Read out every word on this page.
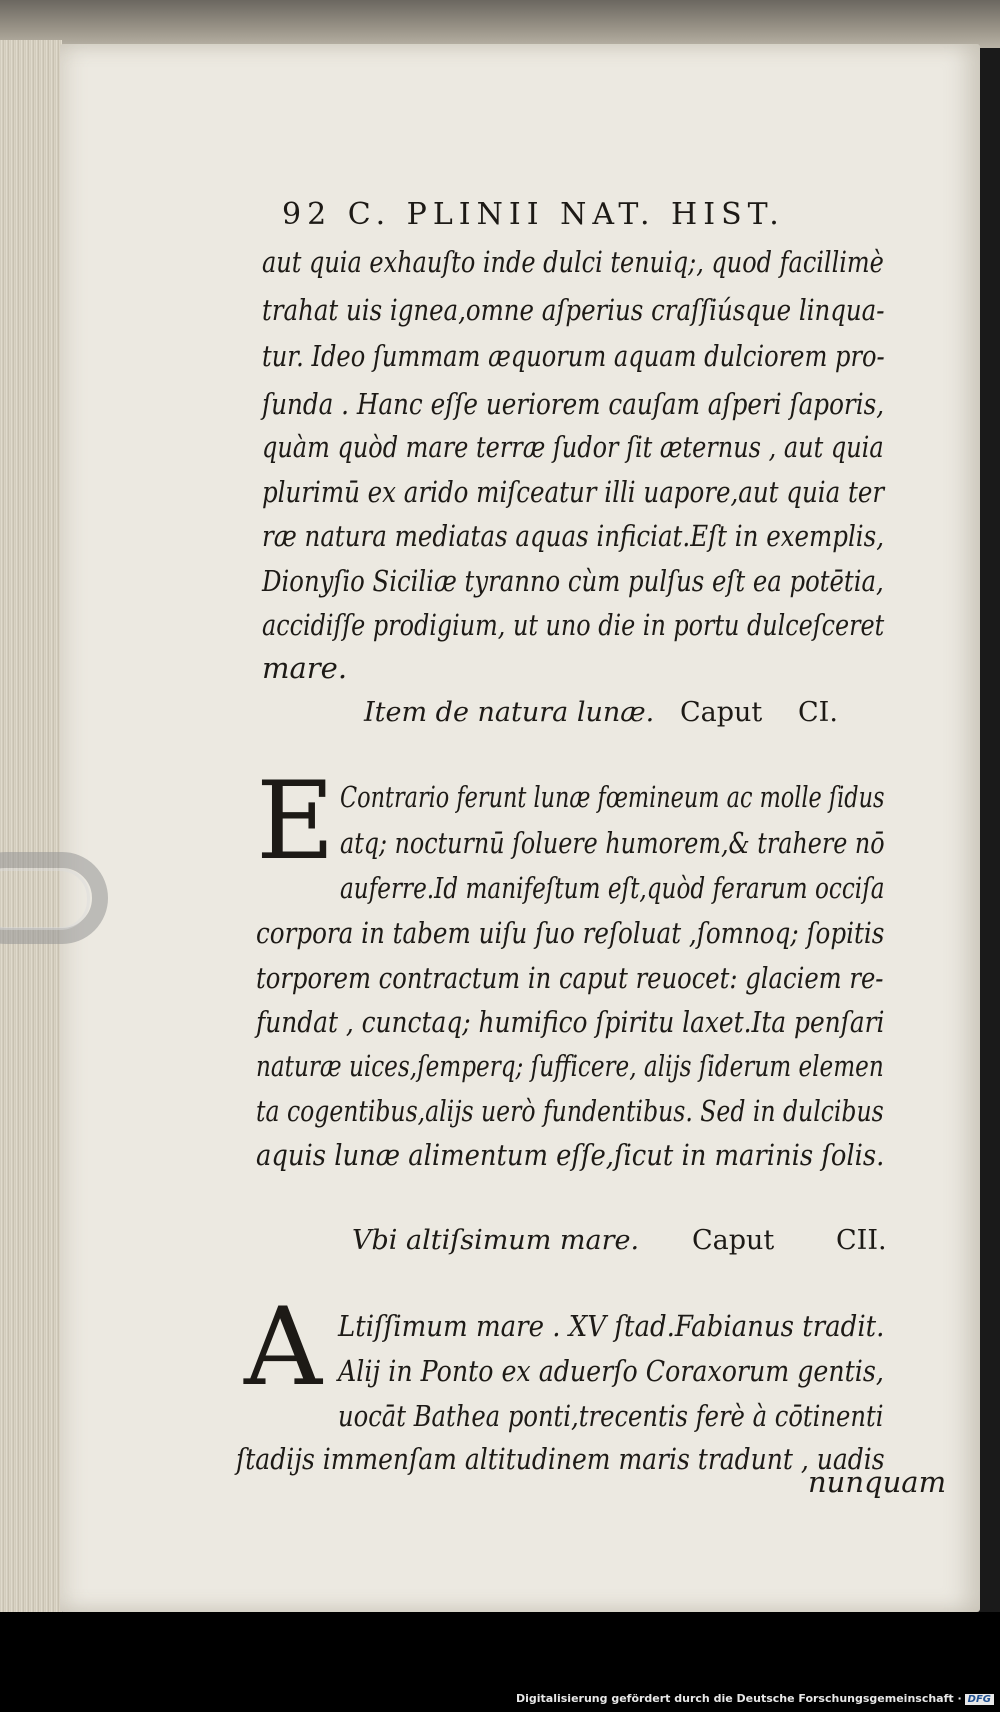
92 C. PLINII NAT. HIST.
aut quia exhauſto inde dulci tenuiq;, quod facillimè
trahat uis ignea,omne aſperius craſſiúsque linqua-
tur. Ideo ſummam æquorum aquam dulciorem pro-
ſunda . Hanc eſſe ueriorem cauſam aſperi ſaporis,
quàm quòd mare terræ ſudor ſit æternus , aut quia
plurimū ex arido miſceatur illi uapore,aut quia ter
ræ natura mediatas aquas inficiat.Eſt in exemplis,
Dionyſio Siciliæ tyranno cùm pulſus eſt ea potētia,
accidiſſe prodigium, ut uno die in portu dulceſceret
mare.
Item de natura lunæ. Caput CI.
E Contrario ferunt lunæ fœmineum ac molle ſidus
atq; nocturnū ſoluere humorem,& trahere nō
auferre.Id manifeſtum eſt,quòd ferarum occiſa
corpora in tabem uiſu ſuo reſoluat ,ſomnoq; ſopitis
torporem contractum in caput reuocet: glaciem re-
fundat , cunctaq; humifico ſpiritu laxet.Ita penſari
naturæ uices,ſemperq; ſufficere, alijs ſiderum elemen
ta cogentibus,alijs uerò fundentibus. Sed in dulcibus
aquis lunæ alimentum eſſe,ſicut in marinis ſolis.
Vbi altiſsimum mare. Caput CII.
A Ltiſſimum mare . XV ſtad.Fabianus tradit.
Alij in Ponto ex aduerſo Coraxorum gentis,
uocāt Bathea ponti,trecentis ferè à cōtinenti
ſtadijs immenſam altitudinem maris tradunt , uadis
nunquam
Digitalisierung gefördert durch die Deutsche Forschungsgemeinschaft · DFG
